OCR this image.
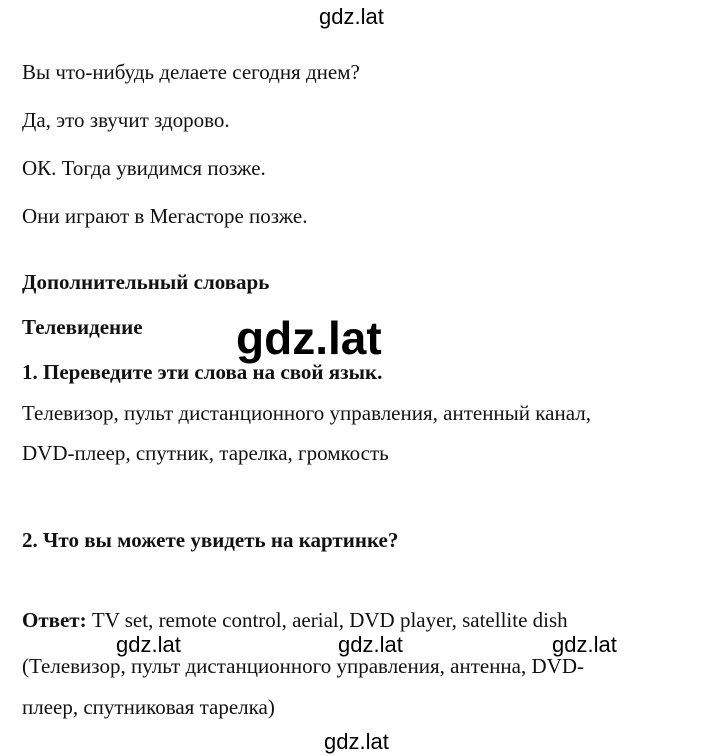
gdz.lat
Вы что-нибудь делаете сегодня днем?
Да, это звучит здорово.
ОК. Тогда увидимся позже.
Они играют в Мегасторе позже.
Дополнительный словарь
Телевидение gdz.lat
1. Переведите эти слова на свой язык.
Телевизор, пульт дистанционного управления, антенный канал,
DVD-плеер, спутник, тарелка, громкость
2. Что вы можете увидеть на картинке?
Ответ: TV set, remote control, aerial, DVD player, satellite dish
gdz.lat	gdz.lat	gdz.lat
(Телевизор, пульт дистанционного управления, антенна, DVD-
плеер, спутниковая тарелка)
gdz.lat
